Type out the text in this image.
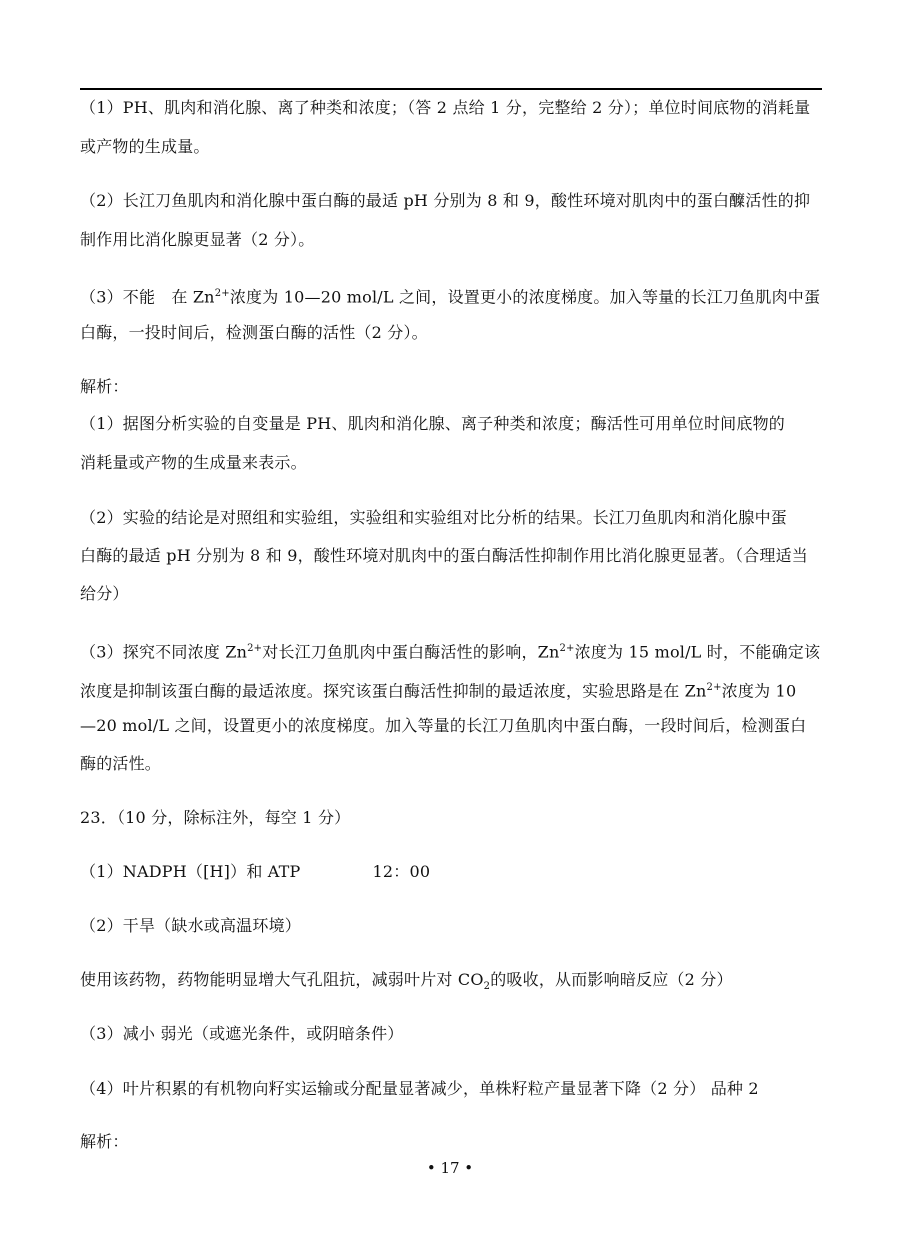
（1）PH、肌肉和消化腺、离了种类和浓度；（答 2 点给 1 分，完整给 2 分）；单位时间底物的消耗量
或产物的生成量。
（2）长江刀鱼肌肉和消化腺中蛋白酶的最适 pH 分别为 8 和 9，酸性环境对肌肉中的蛋白醾活性的抑
制作用比消化腺更显著（2 分）。
（3）不能　在 $Zn^{2+}$浓度为 10—20 mol/L 之间，设置更小的浓度梯度。加入等量的长江刀鱼肌肉中蛋
白酶，一投时间后，检测蛋白酶的活性（2 分）。
解析：
（1）据图分析实验的自变量是 PH、肌肉和消化腺、离子种类和浓度；酶活性可用单位时间底物的
消耗量或产物的生成量来表示。
（2）实验的结论是对照组和实验组，实验组和实验组对比分析的结果。长江刀鱼肌肉和消化腺中蛋
白酶的最适 pH 分别为 8 和 9，酸性环境对肌肉中的蛋白酶活性抑制作用比消化腺更显著。（合理适当
给分）
（3）探究不同浓度 $Zn^{2+}$对长江刀鱼肌肉中蛋白酶活性的影响，$Zn^{2+}$浓度为 15 mol/L 时，不能确定该
浓度是抑制该蛋白酶的最适浓度。探究该蛋白酶活性抑制的最适浓度，实验思路是在 $Zn^{2+}$浓度为 10
—20 mol/L 之间，设置更小的浓度梯度。加入等量的长江刀鱼肌肉中蛋白酶，一段时间后，检测蛋白
酶的活性。
23．（10 分，除标注外，每空 1 分）
（1）NADPH（[H]）和 ATP	12：00
（2）干旱（缺水或高温环境）
使用该药物，药物能明显增大气孔阻抗，减弱叶片对 $CO_2$的吸收，从而影响暗反应（2 分）
（3）减小 弱光（或遮光条件，或阴暗条件）
（4）叶片积累的有机物向籽实运输或分配量显著减少，单株籽粒产量显著下降（2 分） 品种 2
解析：
• 17 •
